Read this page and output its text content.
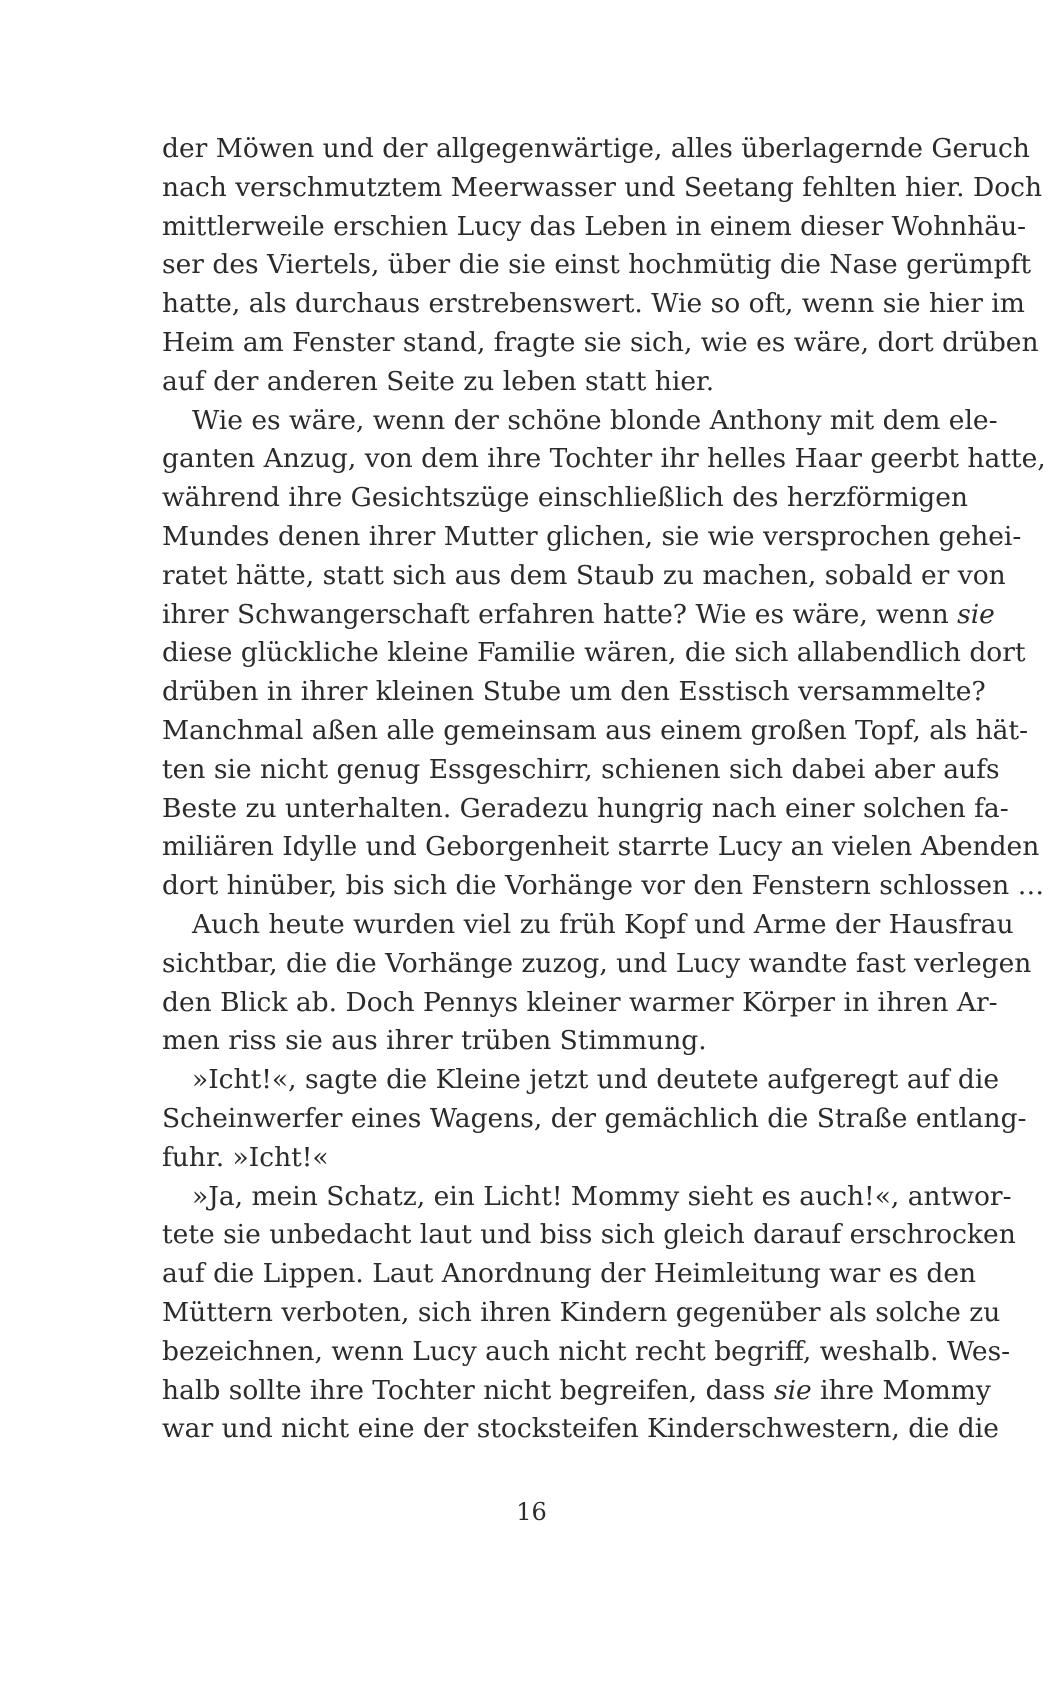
der Möwen und der allgegenwärtige, alles überlagernde Geruch
nach verschmutztem Meerwasser und Seetang fehlten hier. Doch
mittlerweile erschien Lucy das Leben in einem dieser Wohnhäu-
ser des Viertels, über die sie einst hochmütig die Nase gerümpft
hatte, als durchaus erstrebenswert. Wie so oft, wenn sie hier im
Heim am Fenster stand, fragte sie sich, wie es wäre, dort drüben
auf der anderen Seite zu leben statt hier.
Wie es wäre, wenn der schöne blonde Anthony mit dem ele-
ganten Anzug, von dem ihre Tochter ihr helles Haar geerbt hatte,
während ihre Gesichtszüge einschließlich des herzförmigen
Mundes denen ihrer Mutter glichen, sie wie versprochen gehei-
ratet hätte, statt sich aus dem Staub zu machen, sobald er von
ihrer Schwangerschaft erfahren hatte? Wie es wäre, wenn sie
diese glückliche kleine Familie wären, die sich allabendlich dort
drüben in ihrer kleinen Stube um den Esstisch versammelte?
Manchmal aßen alle gemeinsam aus einem großen Topf, als hät-
ten sie nicht genug Essgeschirr, schienen sich dabei aber aufs
Beste zu unterhalten. Geradezu hungrig nach einer solchen fa-
miliären Idylle und Geborgenheit starrte Lucy an vielen Abenden
dort hinüber, bis sich die Vorhänge vor den Fenstern schlossen …
Auch heute wurden viel zu früh Kopf und Arme der Hausfrau
sichtbar, die die Vorhänge zuzog, und Lucy wandte fast verlegen
den Blick ab. Doch Pennys kleiner warmer Körper in ihren Ar-
men riss sie aus ihrer trüben Stimmung.
»Icht!«, sagte die Kleine jetzt und deutete aufgeregt auf die
Scheinwerfer eines Wagens, der gemächlich die Straße entlang-
fuhr. »Icht!«
»Ja, mein Schatz, ein Licht! Mommy sieht es auch!«, antwor-
tete sie unbedacht laut und biss sich gleich darauf erschrocken
auf die Lippen. Laut Anordnung der Heimleitung war es den
Müttern verboten, sich ihren Kindern gegenüber als solche zu
bezeichnen, wenn Lucy auch nicht recht begriff, weshalb. Wes-
halb sollte ihre Tochter nicht begreifen, dass sie ihre Mommy
war und nicht eine der stocksteifen Kinderschwestern, die die
16
